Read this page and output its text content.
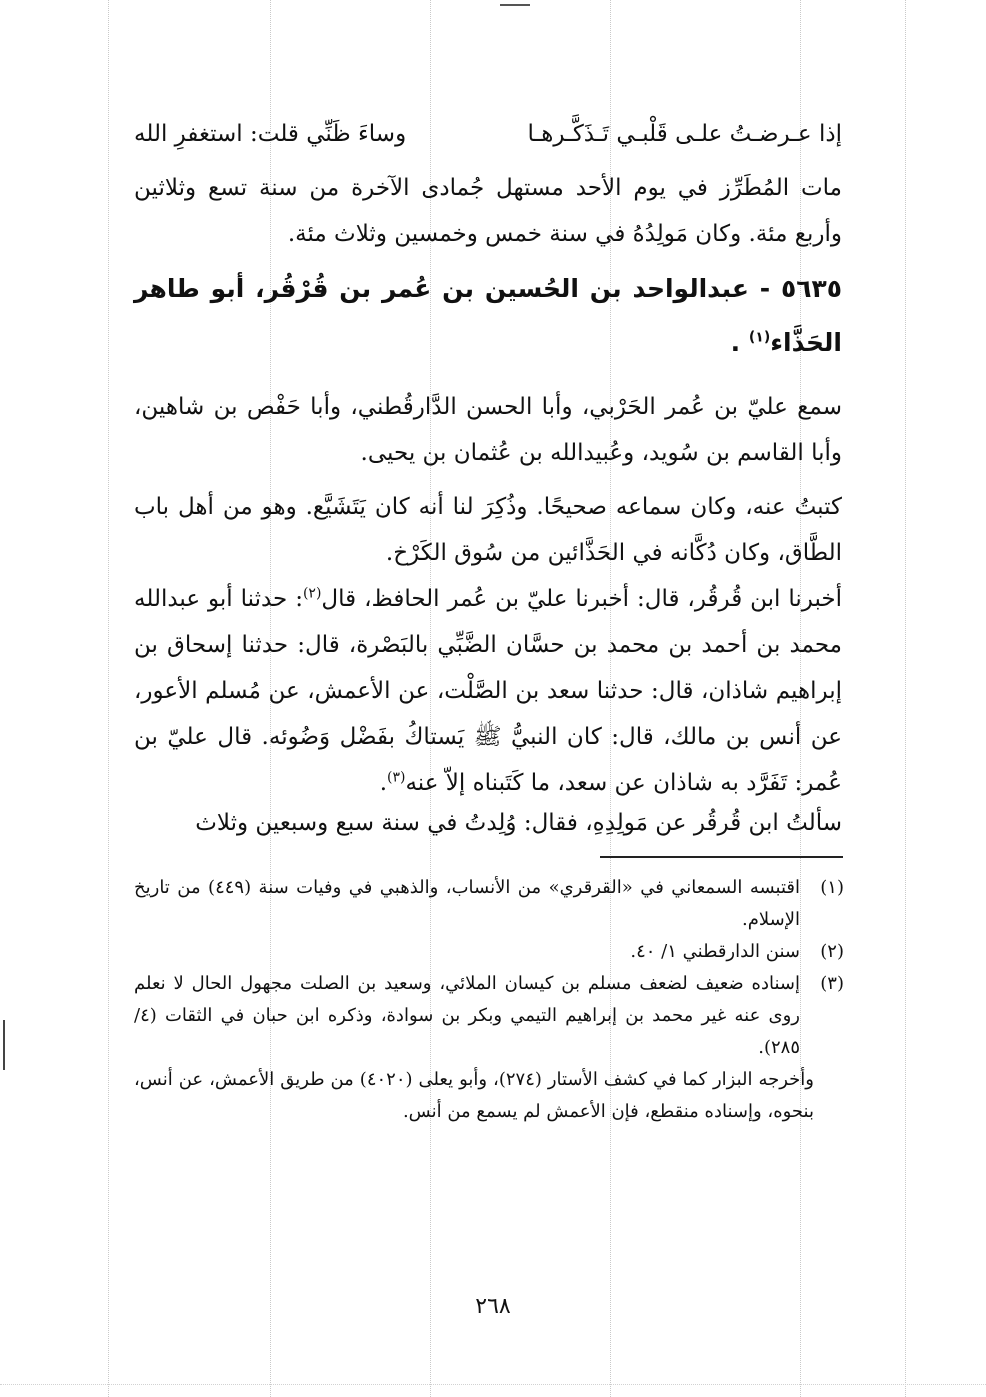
إذا عـرضـتُ علـى قَلْبـي تَـذَكَّـرهـا
وساءَ ظَنِّي قلت: استغفرِ الله
مات المُطَرِّز في يوم الأحد مستهل جُمادى الآخرة من سنة تسع وثلاثين وأربع مئة. وكان مَولِدُهُ في سنة خمس وخمسين وثلاث مئة.
٥٦٣٥ - عبدالواحد بن الحُسين بن عُمر بن قُرْقُر، أبو طاهر الحَذَّاء$^{(١)}$ .
سمع عليّ بن عُمر الحَرْبي، وأبا الحسن الدَّارقُطني، وأبا حَفْص بن شاهين، وأبا القاسم بن سُويد، وعُبيدالله بن عُثمان بن يحيى.
كتبتُ عنه، وكان سماعه صحيحًا. وذُكِرَ لنا أنه كان يَتَشَيَّع. وهو من أهل باب الطَّاق، وكان دُكَّانه في الحَذَّائين من سُوق الكَرْخ.
أخبرنا ابن قُرقُر، قال: أخبرنا عليّ بن عُمر الحافظ، قال$^{(٢)}$: حدثنا أبو عبدالله محمد بن أحمد بن محمد بن حسَّان الضَّبِّي بالبَصْرة، قال: حدثنا إسحاق بن إبراهيم شاذان، قال: حدثنا سعد بن الصَّلْت، عن الأعمش، عن مُسلم الأعور، عن أنس بن مالك، قال: كان النبيُّ ﷺ يَستاكُ بفَضْل وَضُوئه. قال عليّ بن عُمر: تَفَرَّد به شاذان عن سعد، ما كَتَبناه إلاّ عنه$^{(٣)}$.
سألتُ ابن قُرقُر عن مَولِدِهِ، فقال: وُلِدتُ في سنة سبع وسبعين وثلاث
(١)
اقتبسه السمعاني في «القرقري» من الأنساب، والذهبي في وفيات سنة (٤٤٩) من تاريخ الإسلام.
(٢)
سنن الدارقطني ١/ ٤٠.
(٣)
إسناده ضعيف لضعف مسلم بن كيسان الملائي، وسعيد بن الصلت مجهول الحال لا نعلم روى عنه غير محمد بن إبراهيم التيمي وبكر بن سوادة، وذكره ابن حبان في الثقات (٤/ ٢٨٥).
وأخرجه البزار كما في كشف الأستار (٢٧٤)، وأبو يعلى (٤٠٢٠) من طريق الأعمش، عن أنس، بنحوه، وإسناده منقطع، فإن الأعمش لم يسمع من أنس.
٢٦٨
